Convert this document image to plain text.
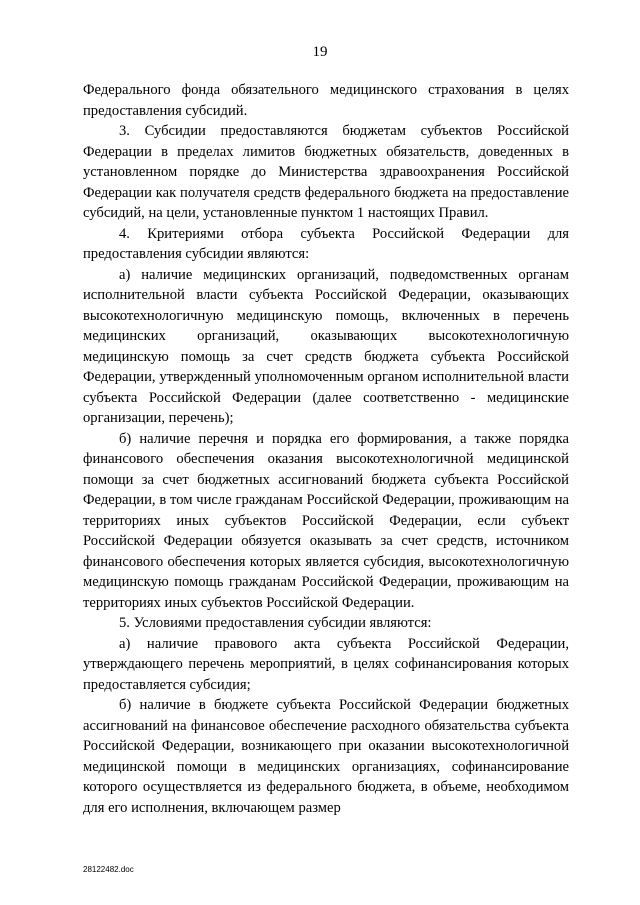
19

Федерального фонда обязательного медицинского страхования в целях предоставления субсидий.

3. Субсидии предоставляются бюджетам субъектов Российской Федерации в пределах лимитов бюджетных обязательств, доведенных в установленном порядке до Министерства здравоохранения Российской Федерации как получателя средств федерального бюджета на предоставление субсидий, на цели, установленные пунктом 1 настоящих Правил.

4. Критериями отбора субъекта Российской Федерации для предоставления субсидии являются:

а) наличие медицинских организаций, подведомственных органам исполнительной власти субъекта Российской Федерации, оказывающих высокотехнологичную медицинскую помощь, включенных в перечень медицинских организаций, оказывающих высокотехнологичную медицинскую помощь за счет средств бюджета субъекта Российской Федерации, утвержденный уполномоченным органом исполнительной власти субъекта Российской Федерации (далее соответственно - медицинские организации, перечень);

б) наличие перечня и порядка его формирования, а также порядка финансового обеспечения оказания высокотехнологичной медицинской помощи за счет бюджетных ассигнований бюджета субъекта Российской Федерации, в том числе гражданам Российской Федерации, проживающим на территориях иных субъектов Российской Федерации, если субъект Российской Федерации обязуется оказывать за счет средств, источником финансового обеспечения которых является субсидия, высокотехнологичную медицинскую помощь гражданам Российской Федерации, проживающим на территориях иных субъектов Российской Федерации.

5. Условиями предоставления субсидии являются:

а) наличие правового акта субъекта Российской Федерации, утверждающего перечень мероприятий, в целях софинансирования которых предоставляется субсидия;

б) наличие в бюджете субъекта Российской Федерации бюджетных ассигнований на финансовое обеспечение расходного обязательства субъекта Российской Федерации, возникающего при оказании высокотехнологичной медицинской помощи в медицинских организациях, софинансирование которого осуществляется из федерального бюджета, в объеме, необходимом для его исполнения, включающем размер

28122482.doc
